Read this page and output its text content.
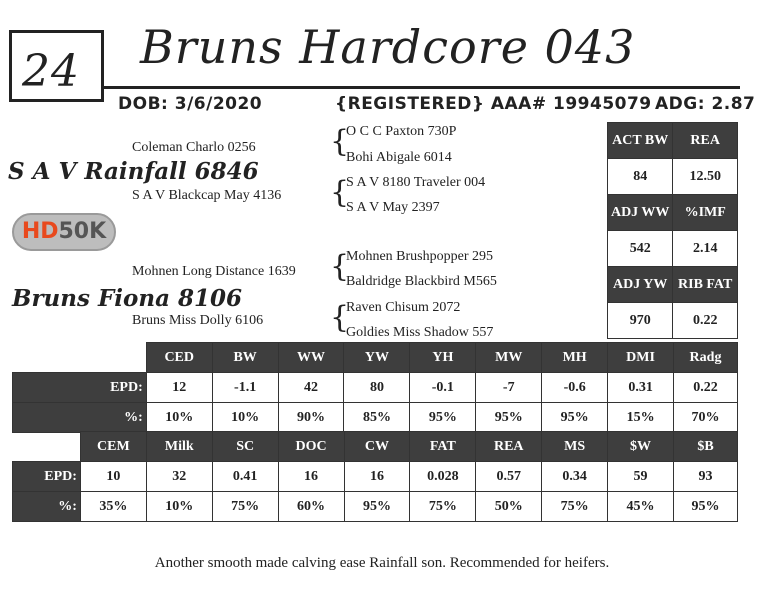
24 Bruns Hardcore 043
DOB: 3/6/2020	{REGISTERED} AAA# 19945079 ADG: 2.87
Coleman Charlo 0256
S A V Rainfall 6846
S A V Blackcap May 4136
HD50K
Mohnen Long Distance 1639
Bruns Fiona 8106
Bruns Miss Dolly 6106
{
O C C Paxton 730P
Bohi Abigale 6014
{
S A V 8180 Traveler 004
S A V May 2397
{
Mohnen Brushpopper 295
Baldridge Blackbird M565
{
Raven Chisum 2072
Goldies Miss Shadow 557
ACT BW	REA
84	12.50
ADJ WW	%IMF
542	2.14
ADJ YW	RIB FAT
970	0.22
	CED	BW	WW	YW	YH	MW	MH	DMI	Radg
EPD:	12	-1.1	42	80	-0.1	-7	-0.6	0.31	0.22
%:	10%	10%	90%	85%	95%	95%	95%	15%	70%
	CEM	Milk	SC	DOC	CW	FAT	REA	MS	$W	$B
EPD:	10	32	0.41	16	16	0.028	0.57	0.34	59	93
%:	35%	10%	75%	60%	95%	75%	50%	75%	45%	95%
Another smooth made calving ease Rainfall son. Recommended for heifers.
